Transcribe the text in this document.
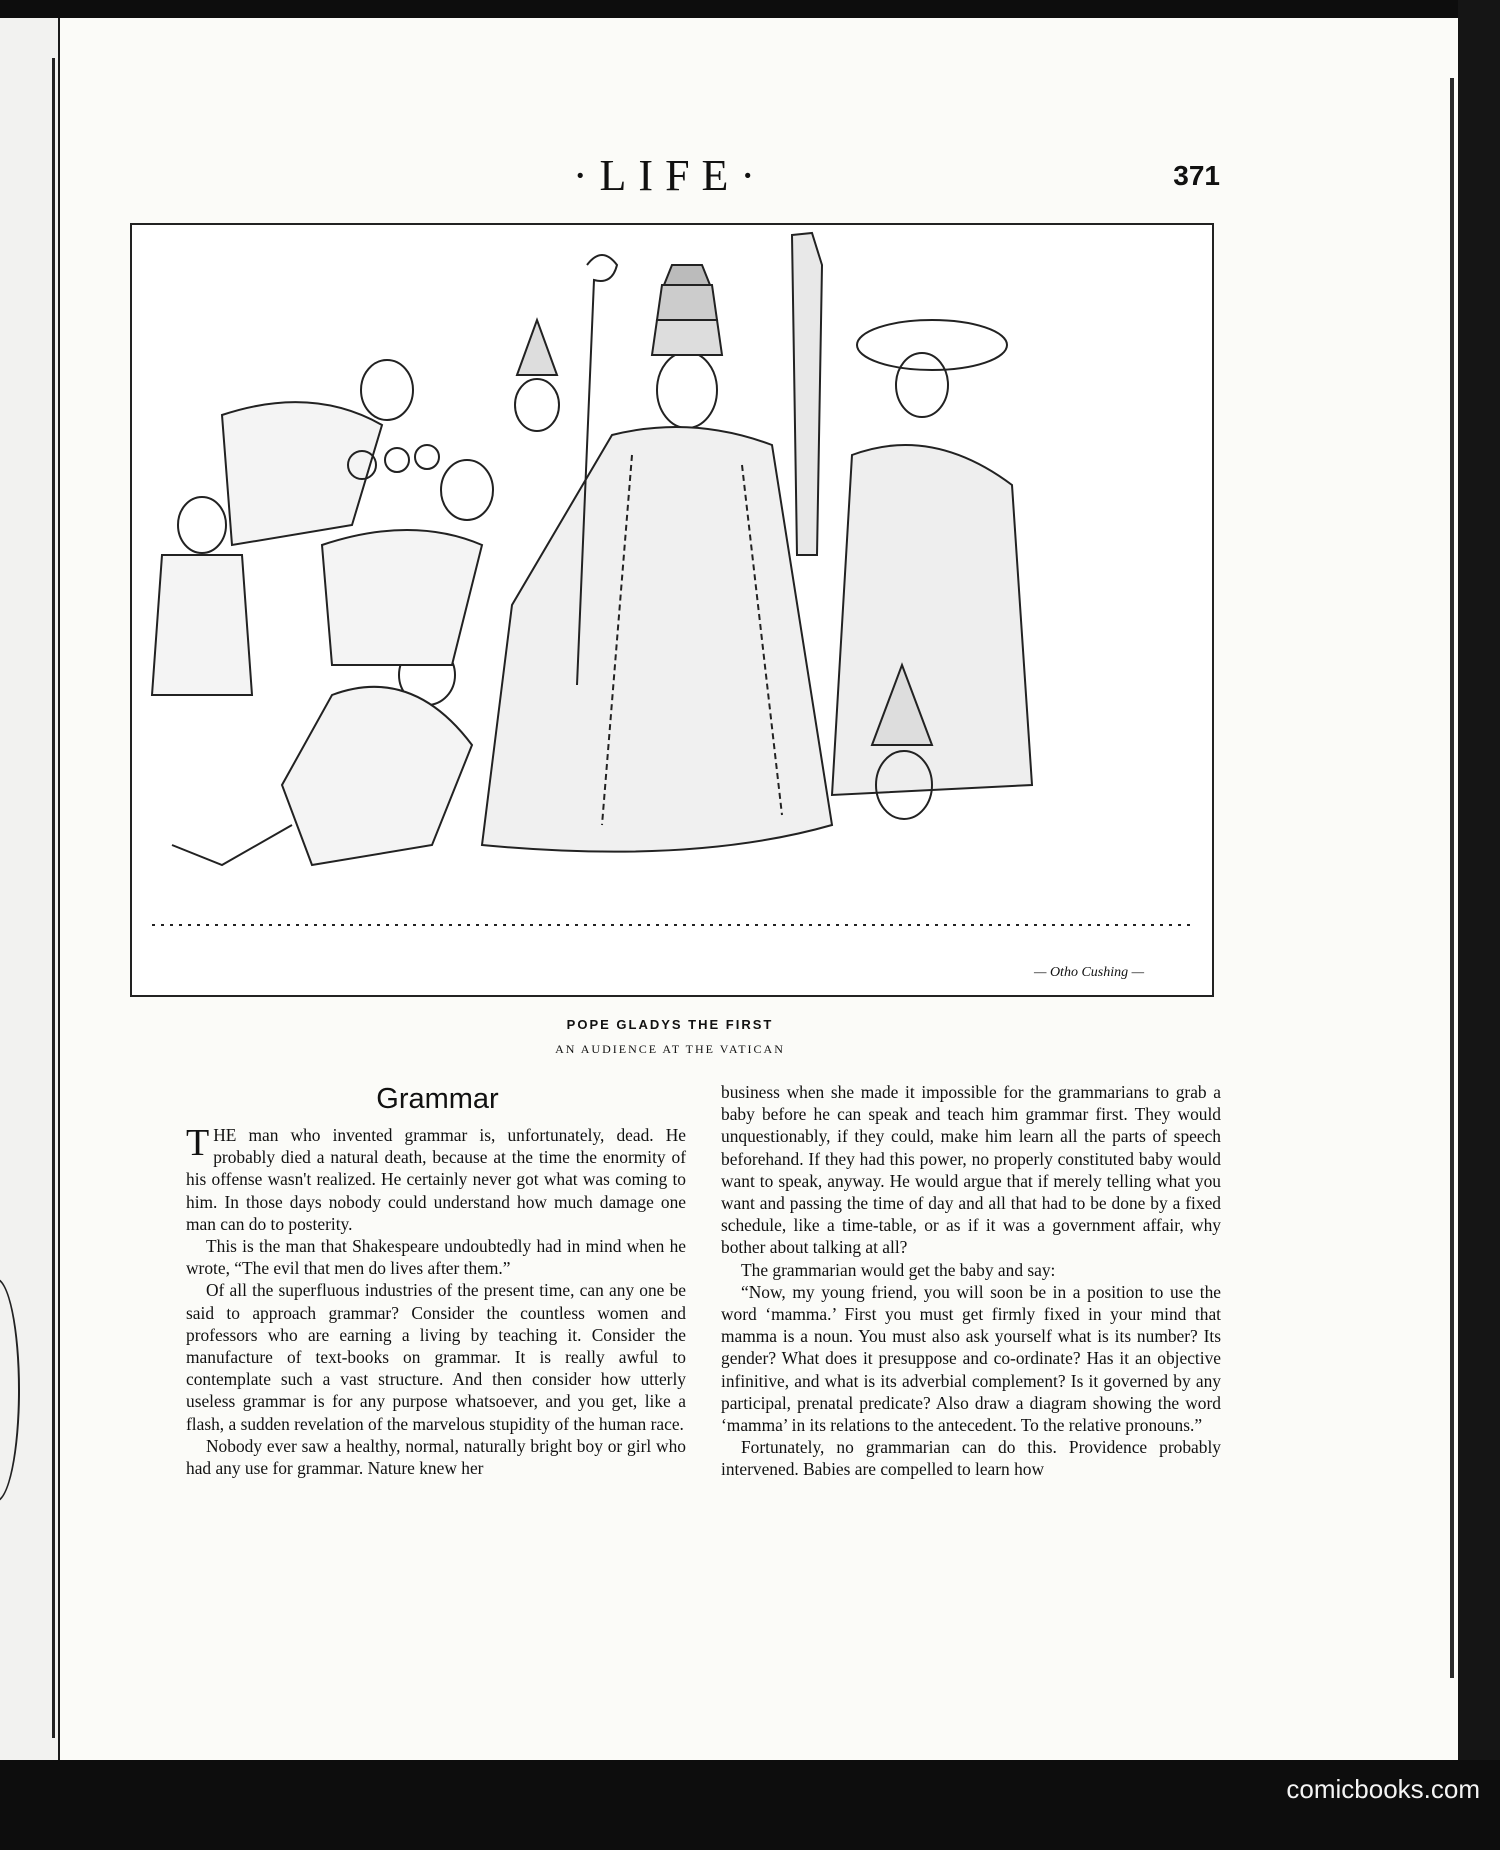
·LIFE·	371
— Otho Cushing —
POPE GLADYS THE FIRST
AN AUDIENCE AT THE VATICAN
Grammar

THE man who invented grammar is, unfortunately, dead. He probably died a natural death, because at the time the enormity of his offense wasn't realized. He certainly never got what was coming to him. In those days nobody could understand how much damage one man can do to posterity.

This is the man that Shakespeare undoubtedly had in mind when he wrote, “The evil that men do lives after them.”

Of all the superfluous industries of the present time, can any one be said to approach grammar? Consider the countless women and professors who are earning a living by teaching it. Consider the manufacture of text-books on grammar. It is really awful to contemplate such a vast structure. And then consider how utterly useless grammar is for any purpose whatsoever, and you get, like a flash, a sudden revelation of the marvelous stupidity of the human race.

Nobody ever saw a healthy, normal, naturally bright boy or girl who had any use for grammar. Nature knew her

business when she made it impossible for the grammarians to grab a baby before he can speak and teach him grammar first. They would unquestionably, if they could, make him learn all the parts of speech beforehand. If they had this power, no properly constituted baby would want to speak, anyway. He would argue that if merely telling what you want and passing the time of day and all that had to be done by a fixed schedule, like a time-table, or as if it was a government affair, why bother about talking at all?

The grammarian would get the baby and say:

“Now, my young friend, you will soon be in a position to use the word ‘mamma.’ First you must get firmly fixed in your mind that mamma is a noun. You must also ask yourself what is its number? Its gender? What does it presuppose and co-ordinate? Has it an objective infinitive, and what is its adverbial complement? Is it governed by any participal, prenatal predicate? Also draw a diagram showing the word ‘mamma’ in its relations to the antecedent. To the relative pronouns.”

Fortunately, no grammarian can do this. Providence probably intervened. Babies are compelled to learn how

comicbooks.com
